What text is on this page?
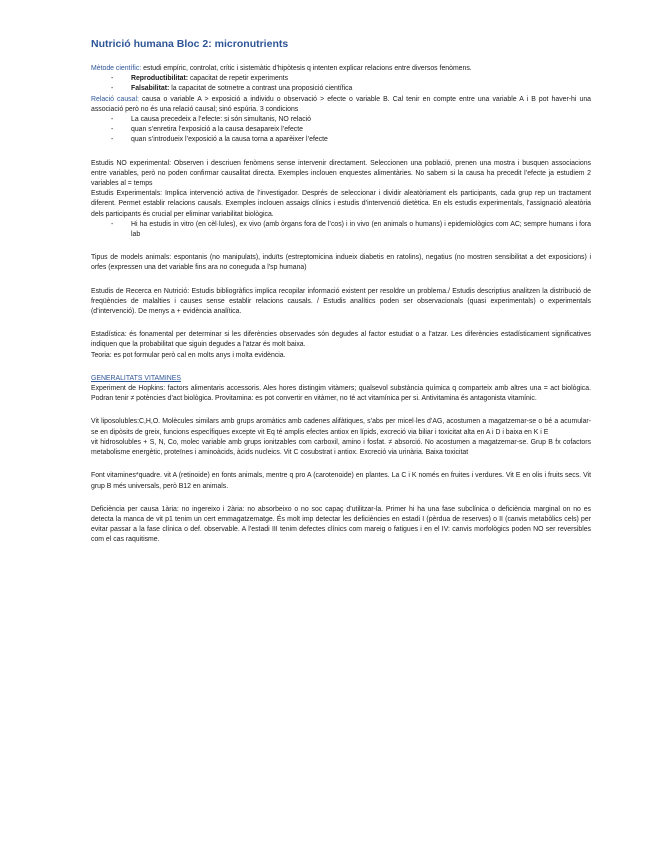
Nutrició humana Bloc 2: micronutrients

Mètode científic: estudi empíric, controlat, crític i sistemàtic d’hipòtesis q intenten explicar relacions entre diversos fenòmens.

- Reproductibilitat: capacitat de repetir experiments
- Falsabilitat: la capacitat de sotmetre a contrast una proposició científica

Relació causal: causa o variable A > exposició a individu o observació > efecte o variable B. Cal tenir en compte entre una variable A i B pot haver-hi una associació però no és una relació causal; sinó espúria. 3 condicions

- La causa precedeix a l’efecte: si són simultanis, NO relació
- quan s’enretira l’exposició a la causa desapareix l’efecte
- quan s’introdueix l’exposició a la causa torna a aparèixer l’efecte

Estudis NO experimental: Observen i descriuen fenòmens sense intervenir directament. Seleccionen una població, prenen una mostra i busquen associacions entre variables, però no poden confirmar causalitat directa. Exemples inclouen enquestes alimentàries. No sabem si la causa ha precedit l’efecte ja estudiem 2 variables al = temps

Estudis Experimentals: Implica intervenció activa de l’investigador. Després de seleccionar i dividir aleatòriament els participants, cada grup rep un tractament diferent. Permet establir relacions causals. Exemples inclouen assaigs clínics i estudis d’intervenció dietètica. En els estudis experimentals, l’assignació aleatòria dels participants és crucial per eliminar variabilitat biològica.

- Hi ha estudis in vitro (en cèl·lules), ex vivo (amb òrgans fora de l’cos) i in vivo (en animals o humans) i epidemiològics com AC; sempre humans i fora lab

Tipus de models animals: espontanis (no manipulats), induïts (estreptomicina indueix diabetis en ratolins), negatius (no mostren sensibilitat a det exposicions) i orfes (expressen una det variable fins ara no coneguda a l’sp humana)

Estudis de Recerca en Nutrició: Estudis bibliogràfics implica recopilar informació existent per resoldre un problema./ Estudis descriptius analitzen la distribució de freqüències de malalties i causes sense establir relacions causals. / Estudis analítics poden ser observacionals (quasi experimentals) o experimentals (d’intervenció). De menys a + evidència analítica.

Estadística: és fonamental per determinar si les diferències observades són degudes al factor estudiat o a l’atzar. Les diferències estadísticament significatives indiquen que la probabilitat que siguin degudes a l’atzar és molt baixa.

Teoria: es pot formular però cal en molts anys i molta evidència.

GENERALITATS VITAMINES

Experiment de Hopkins: factors alimentaris accessoris. Ales hores distingim vitàmers; qualsevol substància química q comparteix amb altres una = act biològica. Podran tenir ≠ potències d’act biològica. Provitamina: es pot convertir en vitàmer, no té act vitamínica per si. Antivitamina és antagonista vitamínic.

Vit liposolubles:C,H,O. Molècules similars amb grups aromàtics amb cadenes alifàtiques, s’abs per micel·les d’AG, acostumen a magatzemar-se o bé a acumular-se en dipòsits de greix, funcions específiques excepte vit Eq té amplis efectes antiox en lípids, excreció via biliar i toxicitat alta en A i D i baixa en K i E

vit hidrosolubles + S, N, Co, molec variable amb grups ionitzables com carboxil, amino i fosfat. ≠ absorció. No acostumen a magatzemar-se. Grup B fx cofactors metabolisme energètic, proteïnes i aminoàcids, àcids nucleics. Vit C cosubstrat i antiox. Excreció via urinària. Baixa toxicitat

Font vitamines*quadre. vit A (retinoide) en fonts animals, mentre q pro A (carotenoide) en plantes. La C i K només en fruites i verdures. Vit E en olis i fruits secs. Vit grup B més universals, però B12 en animals.

Deficiència per causa 1ària: no ingereixo i 2ària: no absorbeixo o no soc capaç d’utilitzar-la. Primer hi ha una fase subclínica o deficiència marginal on no es detecta la manca de vit p1 tenim un cert emmagatzematge. És molt imp detectar les deficiències en estadi I (pèrdua de reserves) o II (canvis metabòlics cels) per evitar passar a la fase clínica o def. observable. A l’estadi III tenim defectes clínics com mareig o fatigues i en el IV: canvis morfològics poden NO ser reversibles com el cas raquitisme.
